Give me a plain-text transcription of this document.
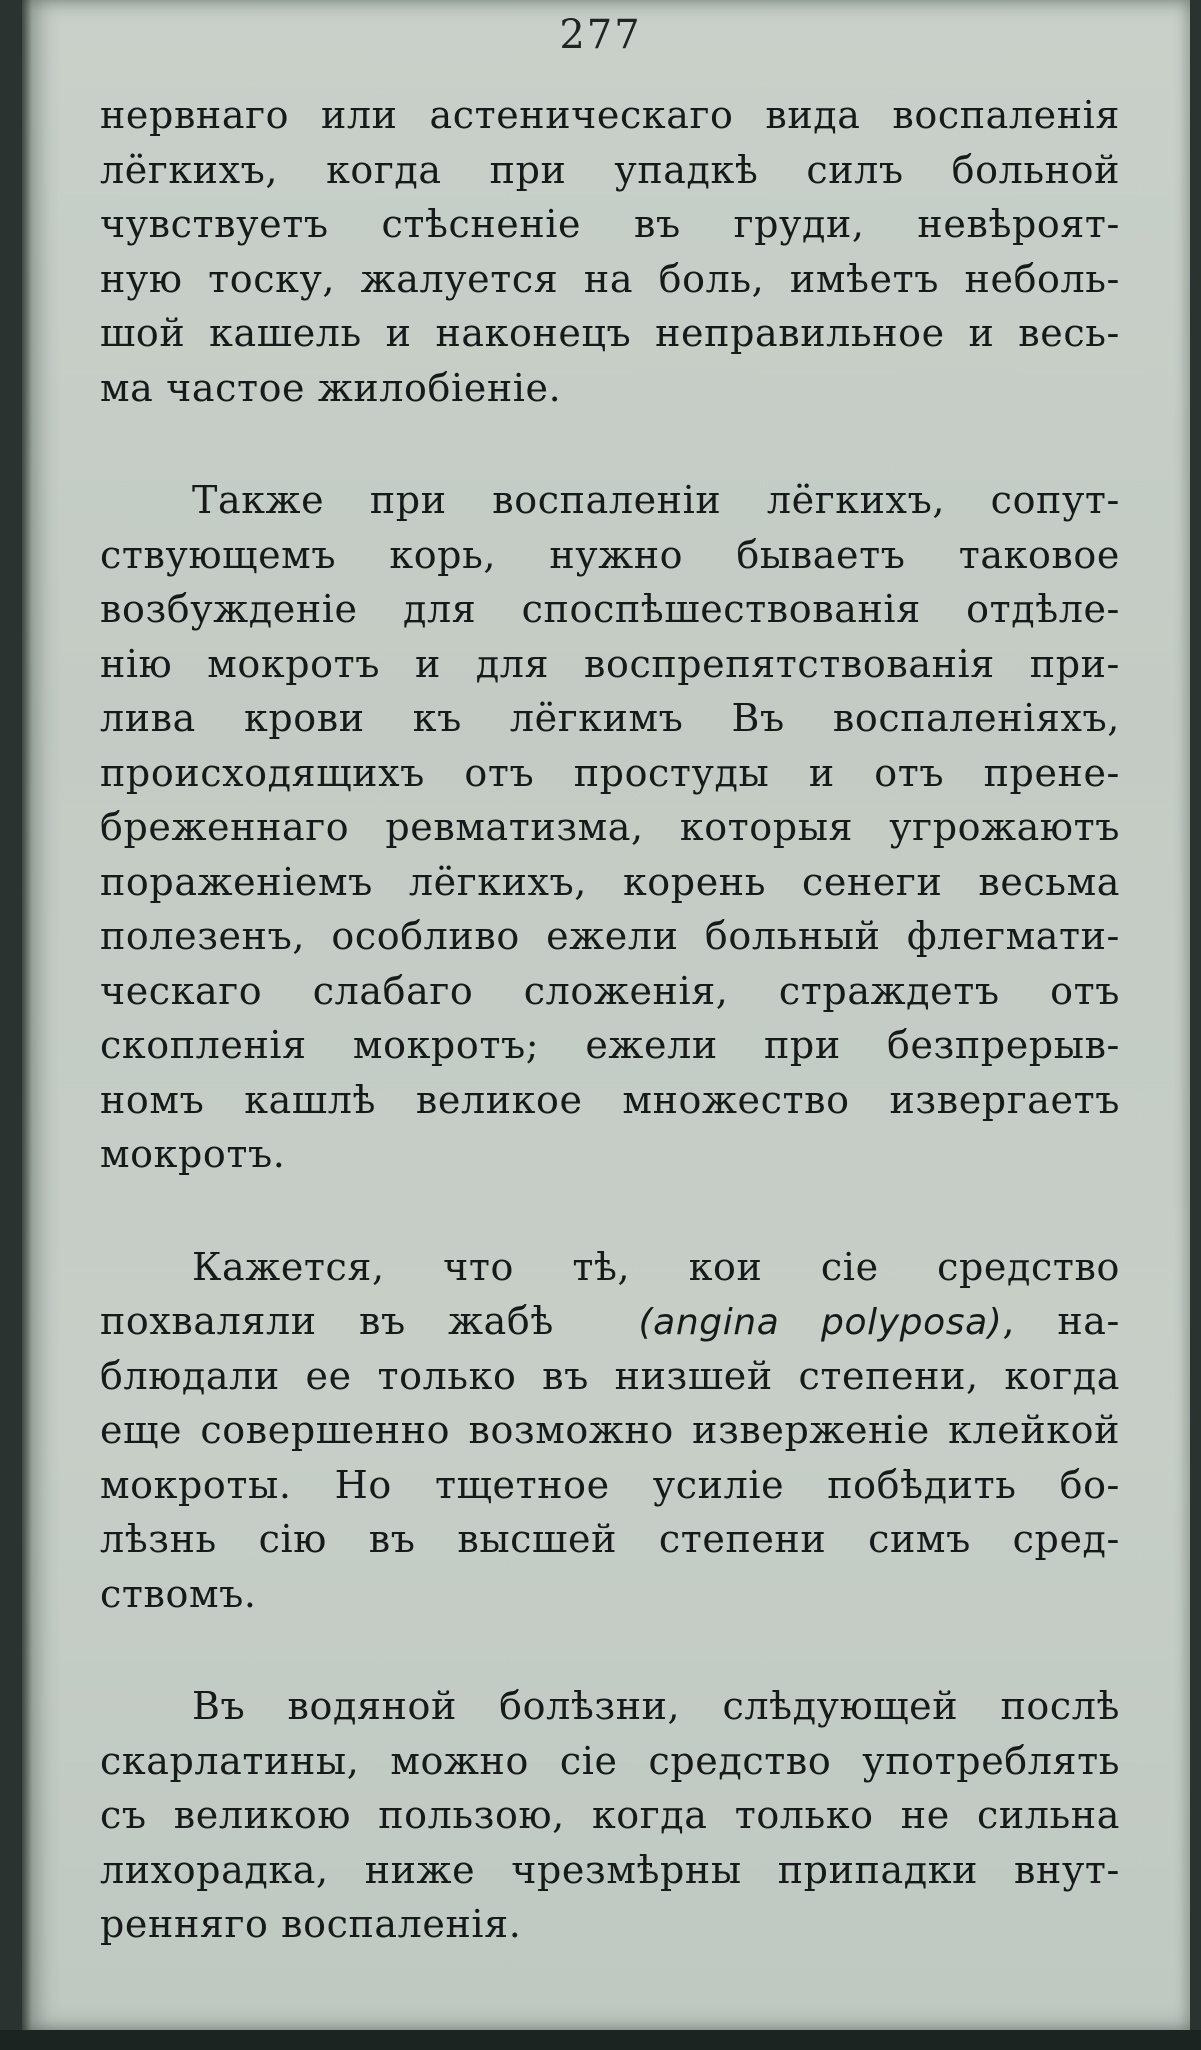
277
нервнаго или астеническаго вида воспаленія
лёгкихъ, когда при упадкѣ силъ больной
чувствуетъ стѣсненіе въ груди, невѣроят-
ную тоску, жалуется на боль, имѣетъ неболь-
шой кашель и наконецъ неправильное и весь-
ма частое жилобіеніе.
Также при воспаленіи лёгкихъ, сопут-
ствующемъ корь, нужно бываетъ таковое
возбужденіе для споспѣшествованія отдѣле-
нію мокротъ и для воспрепятствованія при-
лива крови къ лёгкимъ Въ воспаленіяхъ,
происходящихъ отъ простуды и отъ прене-
бреженнаго ревматизма, которыя угрожаютъ
пораженіемъ лёгкихъ, корень сенеги весьма
полезенъ, особливо ежели больный флегмати-
ческаго слабаго сложенія, страждетъ отъ
скопленія мокротъ; ежели при безпрерыв-
номъ кашлѣ великое множество извергаетъ
мокротъ.
Кажется, что тѣ, кои сіе средство
похваляли въ жабѣ (angina polyposa), на-
блюдали ее только въ низшей степени, когда
еще совершенно возможно изверженіе клейкой
мокроты. Но тщетное усиліе побѣдить бо-
лѣзнь сію въ высшей степени симъ сред-
ствомъ.
Въ водяной болѣзни, слѣдующей послѣ
скарлатины, можно сіе средство употреблять
съ великою пользою, когда только не сильна
лихорадка, ниже чрезмѣрны припадки внут-
ренняго воспаленія.
